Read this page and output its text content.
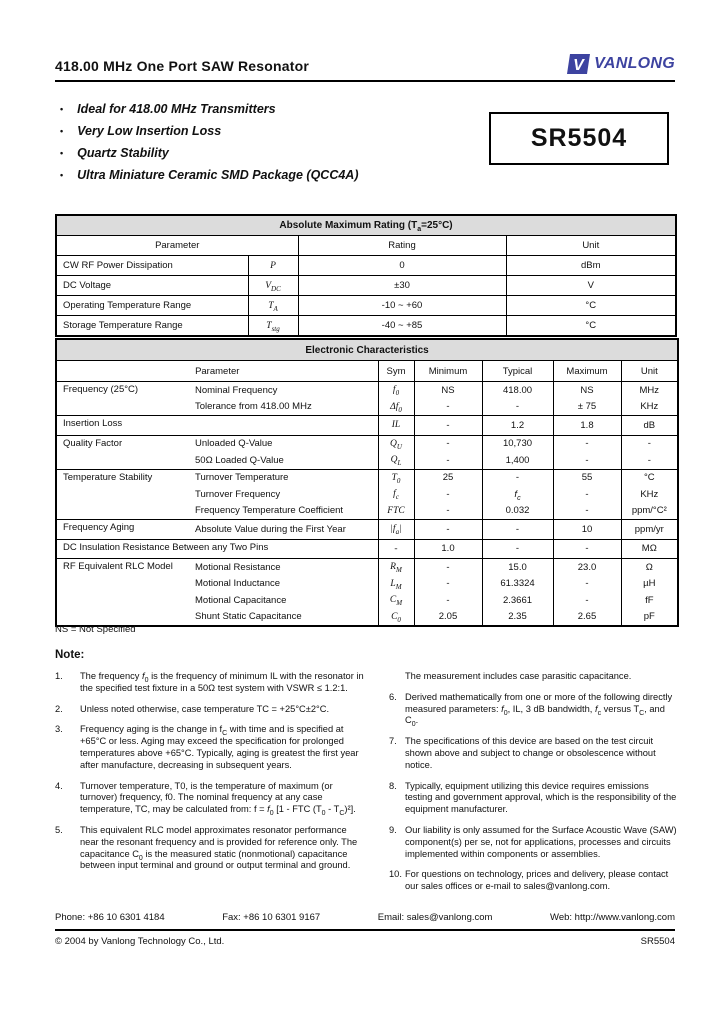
418.00 MHz One Port SAW Resonator	V VANLONG
• Ideal for 418.00 MHz Transmitters
• Very Low Insertion Loss
• Quartz Stability
• Ultra Miniature Ceramic SMD Package (QCC4A)
SR5504
Absolute Maximum Rating $(T_a=25^\circ C)$			
Parameter		Rating	Unit
CW RF Power Dissipation	P	0	dBm
DC Voltage	$V_{DC}$	±30	V
Operating Temperature Range	$T_A$	-10 ~ +60	°C
Storage Temperature Range	$T_{stg}$	-40 ~ +85	°C
Electronic Characteristics						
Parameter		Sym	Minimum	Typical	Maximum	Unit
Frequency (25°C)	Nominal Frequency	$f_0$	NS	418.00	NS	MHz
	Tolerance from 418.00 MHz	$\Delta f_0$	-	-	± 75	KHz
Insertion Loss		IL	-	1.2	1.8	dB
Quality Factor	Unloaded Q-Value	$Q_U$	-	10,730	-	-
	50Ω Loaded Q-Value	$Q_L$	-	1,400	-	-
Temperature Stability	Turnover Temperature	$T_0$	25	-	55	°C
	Turnover Frequency	$f_c$	-	$f_c$	-	KHz
	Frequency Temperature Coefficient	FTC	-	0.032	-	ppm/°C²
Frequency Aging	Absolute Value during the First Year	$|f_a|$	-	-	10	ppm/yr
DC Insulation Resistance Between any Two Pins		-	1.0	-	-	MΩ
RF Equivalent RLC Model	Motional Resistance	$R_M$	-	15.0	23.0	Ω
	Motional Inductance	$L_M$	-	61.3324	-	µH
	Motional Capacitance	$C_M$	-	2.3661	-	fF
	Shunt Static Capacitance	$C_0$	2.05	2.35	2.65	pF
NS = Not Specified
Note:
1.	The frequency $f_0$ is the frequency of minimum IL with the resonator in the specified test fixture in a 50Ω test system with VSWR ≤ 1.2:1.
2.	Unless noted otherwise, case temperature TC = +25°C±2°C.
3.	Frequency aging is the change in $f_C$ with time and is specified at +65°C or less. Aging may exceed the specification for prolonged temperatures above +65°C. Typically, aging is greatest the first year after manufacture, decreasing in subsequent years.
4.	Turnover temperature, T0, is the temperature of maximum (or turnover) frequency, f0. The nominal frequency at any case temperature, TC, may be calculated from: $f = f_0$ [1 - FTC $(T_0 - T_C)^2$].
5.	This equivalent RLC model approximates resonator performance near the resonant frequency and is provided for reference only. The capacitance $C_0$ is the measured static (nonmotional) capacitance between input terminal and ground or output terminal and ground.
The measurement includes case parasitic capacitance.
6. Derived mathematically from one or more of the following directly measured parameters: $f_0$, IL, 3 dB bandwidth, $f_c$ versus $T_C$, and $C_0$.
7. The specifications of this device are based on the test circuit shown above and subject to change or obsolescence without notice.
8. Typically, equipment utilizing this device requires emissions testing and government approval, which is the responsibility of the equipment manufacturer.
9. Our liability is only assumed for the Surface Acoustic Wave (SAW) component(s) per se, not for applications, processes and circuits implemented within components or assemblies.
10. For questions on technology, prices and delivery, please contact our sales offices or e-mail to sales@vanlong.com.
Phone: +86 10 6301 4184	Fax: +86 10 6301 9167	Email: sales@vanlong.com	Web: http://www.vanlong.com
© 2004 by Vanlong Technology Co., Ltd.	SR5504
